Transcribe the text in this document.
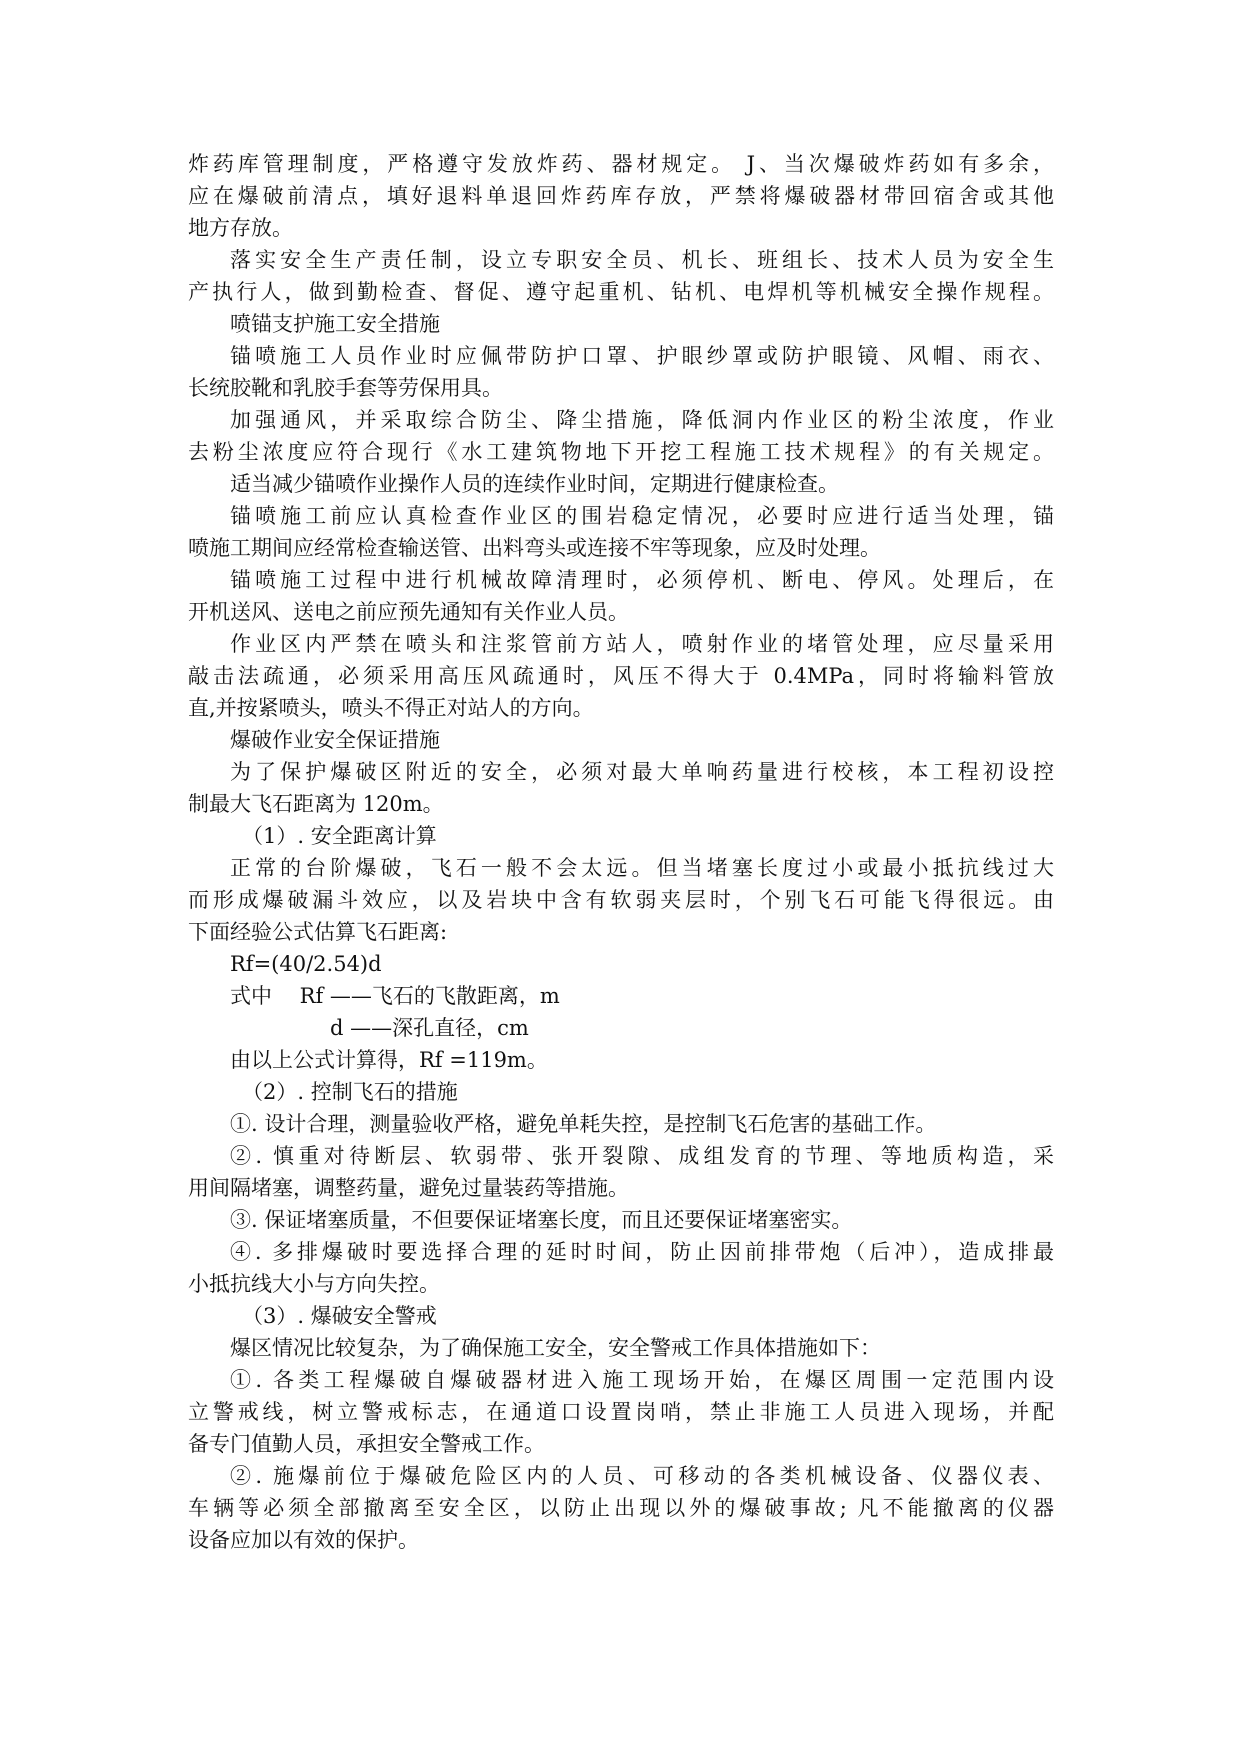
炸药库管理制度，严格遵守发放炸药、器材规定。 J、当次爆破炸药如有多余，
应在爆破前清点，填好退料单退回炸药库存放，严禁将爆破器材带回宿舍或其他
地方存放。
落实安全生产责任制，设立专职安全员、机长、班组长、技术人员为安全生
产执行人，做到勤检查、督促、遵守起重机、钻机、电焊机等机械安全操作规程。
喷锚支护施工安全措施
锚喷施工人员作业时应佩带防护口罩、护眼纱罩或防护眼镜、风帽、雨衣、
长统胶靴和乳胶手套等劳保用具。
加强通风，并采取综合防尘、降尘措施，降低洞内作业区的粉尘浓度，作业
去粉尘浓度应符合现行《水工建筑物地下开挖工程施工技术规程》的有关规定。
适当减少锚喷作业操作人员的连续作业时间，定期进行健康检查。
锚喷施工前应认真检查作业区的围岩稳定情况，必要时应进行适当处理，锚
喷施工期间应经常检查输送管、出料弯头或连接不牢等现象，应及时处理。
锚喷施工过程中进行机械故障清理时，必须停机、断电、停风。处理后，在
开机送风、送电之前应预先通知有关作业人员。
作业区内严禁在喷头和注浆管前方站人，喷射作业的堵管处理，应尽量采用
敲击法疏通，必须采用高压风疏通时，风压不得大于 0.4MPa，同时将输料管放
直,并按紧喷头，喷头不得正对站人的方向。
爆破作业安全保证措施
为了保护爆破区附近的安全，必须对最大单响药量进行校核，本工程初设控
制最大飞石距离为 120m。
（1）. 安全距离计算
正常的台阶爆破，飞石一般不会太远。但当堵塞长度过小或最小抵抗线过大
而形成爆破漏斗效应，以及岩块中含有软弱夹层时，个别飞石可能飞得很远。由
下面经验公式估算飞石距离:
Rf=(40/2.54)d
式中　 Rf ——飞石的飞散距离，m
d ——深孔直径，cm
由以上公式计算得，Rf =119m。
（2）. 控制飞石的措施
①. 设计合理，测量验收严格，避免单耗失控，是控制飞石危害的基础工作。
②. 慎重对待断层、软弱带、张开裂隙、成组发育的节理、等地质构造，采
用间隔堵塞，调整药量，避免过量装药等措施。
③. 保证堵塞质量，不但要保证堵塞长度，而且还要保证堵塞密实。
④. 多排爆破时要选择合理的延时时间，防止因前排带炮（后冲），造成排最
小抵抗线大小与方向失控。
（3）. 爆破安全警戒
爆区情况比较复杂，为了确保施工安全，安全警戒工作具体措施如下：
①. 各类工程爆破自爆破器材进入施工现场开始，在爆区周围一定范围内设
立警戒线，树立警戒标志，在通道口设置岗哨，禁止非施工人员进入现场，并配
备专门值勤人员，承担安全警戒工作。
②. 施爆前位于爆破危险区内的人员、可移动的各类机械设备、仪器仪表、
车辆等必须全部撤离至安全区，以防止出现以外的爆破事故; 凡不能撤离的仪器
设备应加以有效的保护。
